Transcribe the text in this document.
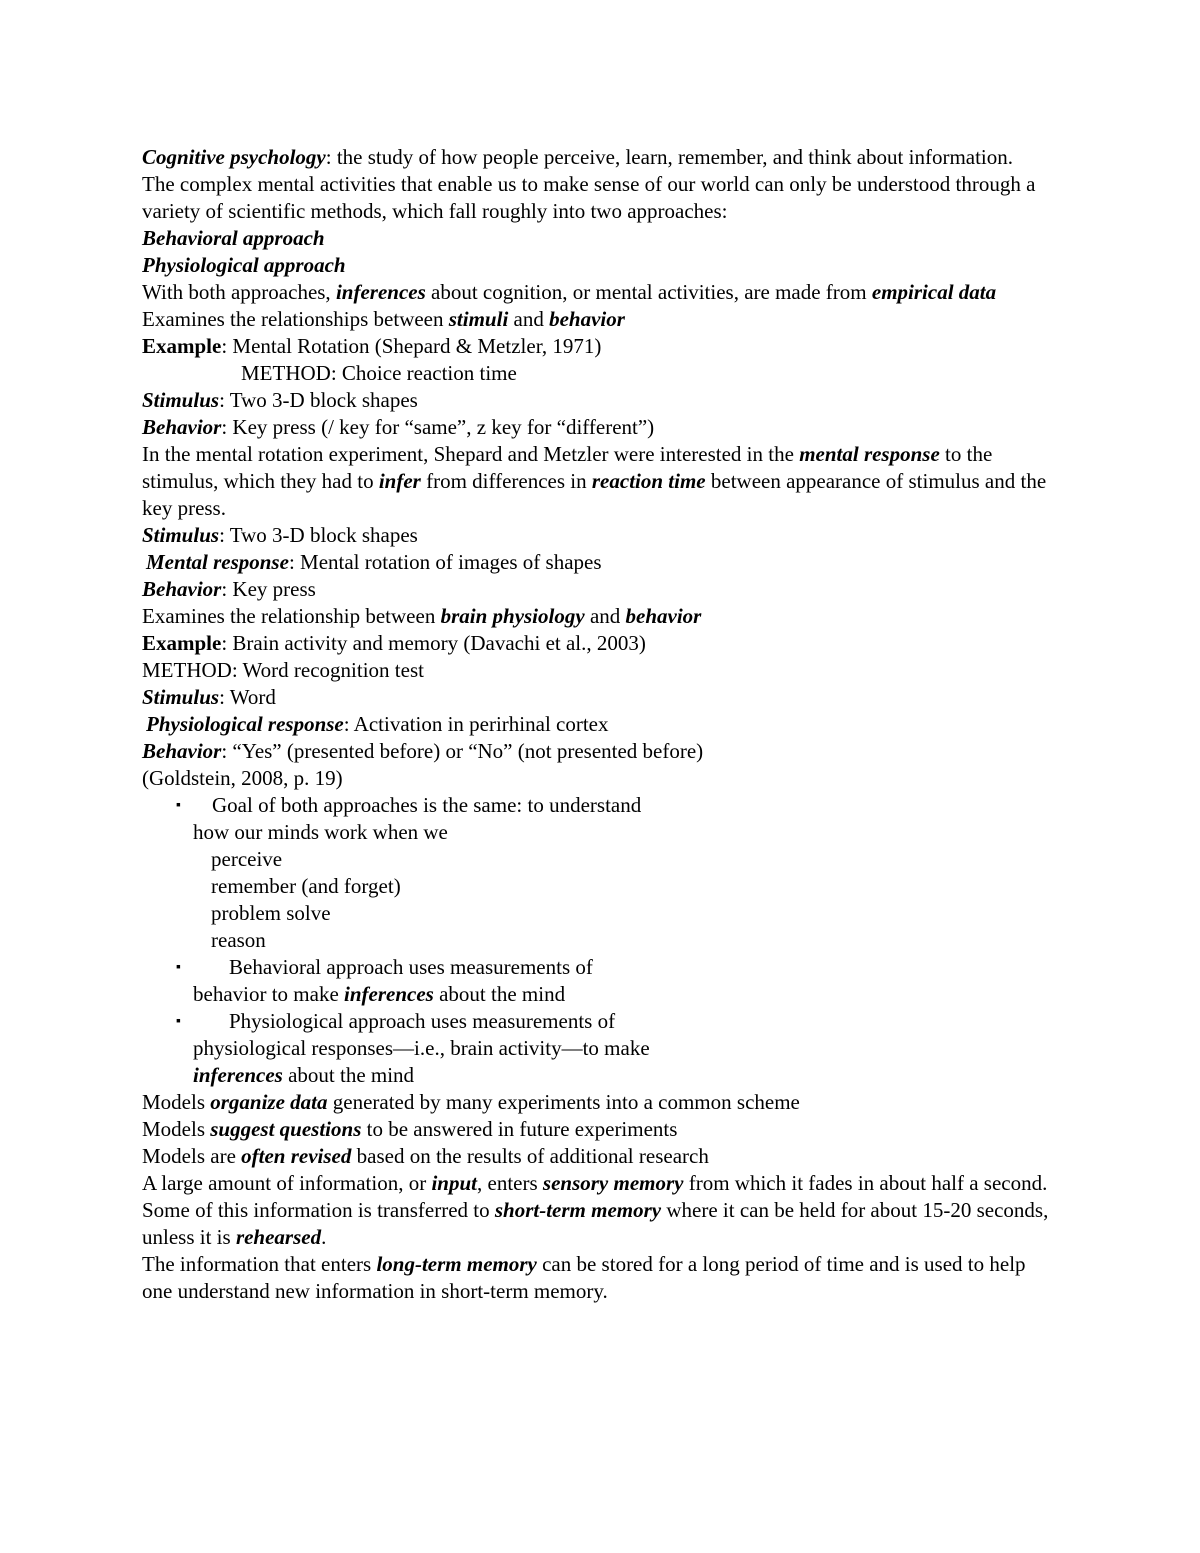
Cognitive psychology: the study of how people perceive, learn, remember, and think about information.

The complex mental activities that enable us to make sense of our world can only be understood through a variety of scientific methods, which fall roughly into two approaches:

Behavioral approach

Physiological approach

With both approaches, inferences about cognition, or mental activities, are made from empirical data

Examines the relationships between stimuli and behavior

Example: Mental Rotation (Shepard & Metzler, 1971)

METHOD: Choice reaction time

Stimulus: Two 3-D block shapes

Behavior: Key press (/ key for “same”, z key for “different”)

In the mental rotation experiment, Shepard and Metzler were interested in the mental response to the stimulus, which they had to infer from differences in reaction time between appearance of stimulus and the key press.

Stimulus: Two 3-D block shapes

Mental response: Mental rotation of images of shapes

Behavior: Key press

Examines the relationship between brain physiology and behavior

Example: Brain activity and memory (Davachi et al., 2003)

METHOD: Word recognition test

Stimulus: Word

Physiological response: Activation in perirhinal cortex

Behavior: “Yes” (presented before) or “No” (not presented before)

(Goldstein, 2008, p. 19)

▪ Goal of both approaches is the same: to understand

how our minds work when we

perceive

remember (and forget)

problem solve

reason

▪ Behavioral approach uses measurements of

behavior to make inferences about the mind

▪ Physiological approach uses measurements of

physiological responses—i.e., brain activity—to make

inferences about the mind

Models organize data generated by many experiments into a common scheme

Models suggest questions to be answered in future experiments

Models are often revised based on the results of additional research

A large amount of information, or input, enters sensory memory from which it fades in about half a second.

Some of this information is transferred to short-term memory where it can be held for about 15-20 seconds, unless it is rehearsed.

The information that enters long-term memory can be stored for a long period of time and is used to help one understand new information in short-term memory.
